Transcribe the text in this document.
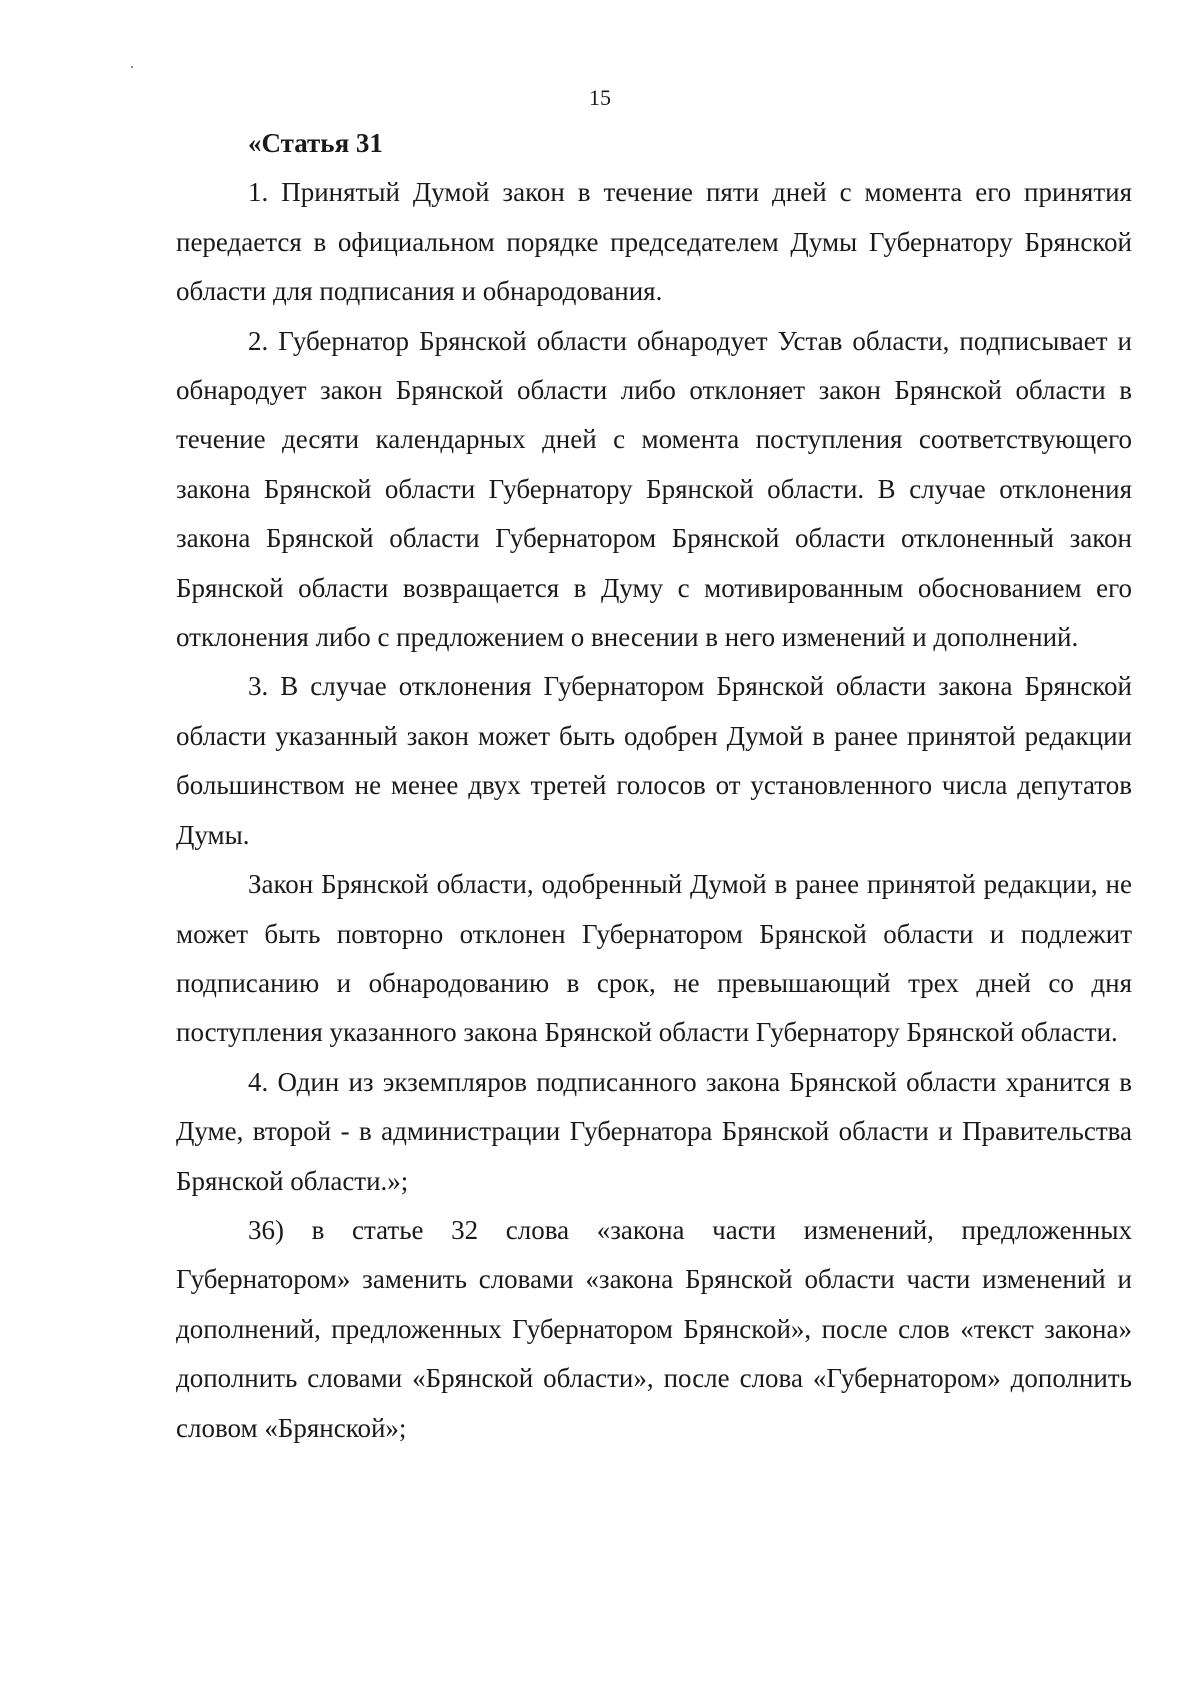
15

«Статья 31

1. Принятый Думой закон в течение пяти дней с момента его принятия передается в официальном порядке председателем Думы Губернатору Брянской области для подписания и обнародования.

2. Губернатор Брянской области обнародует Устав области, подписывает и обнародует закон Брянской области либо отклоняет закон Брянской области в течение десяти календарных дней с момента поступления соответствующего закона Брянской области Губернатору Брянской области. В случае отклонения закона Брянской области Губернатором Брянской области отклоненный закон Брянской области возвращается в Думу с мотивированным обоснованием его отклонения либо с предложением о внесении в него изменений и дополнений.

3. В случае отклонения Губернатором Брянской области закона Брянской области указанный закон может быть одобрен Думой в ранее принятой редакции большинством не менее двух третей голосов от установленного числа депутатов Думы.

Закон Брянской области, одобренный Думой в ранее принятой редакции, не может быть повторно отклонен Губернатором Брянской области и подлежит подписанию и обнародованию в срок, не превышающий трех дней со дня поступления указанного закона Брянской области Губернатору Брянской области.

4. Один из экземпляров подписанного закона Брянской области хранится в Думе, второй - в администрации Губернатора Брянской области и Правительства Брянской области.»;

36) в статье 32 слова «закона части изменений, предложенных Губернатором» заменить словами «закона Брянской области части изменений и дополнений, предложенных Губернатором Брянской», после слов «текст закона» дополнить словами «Брянской области», после слова «Губернатором» дополнить словом «Брянской»;
